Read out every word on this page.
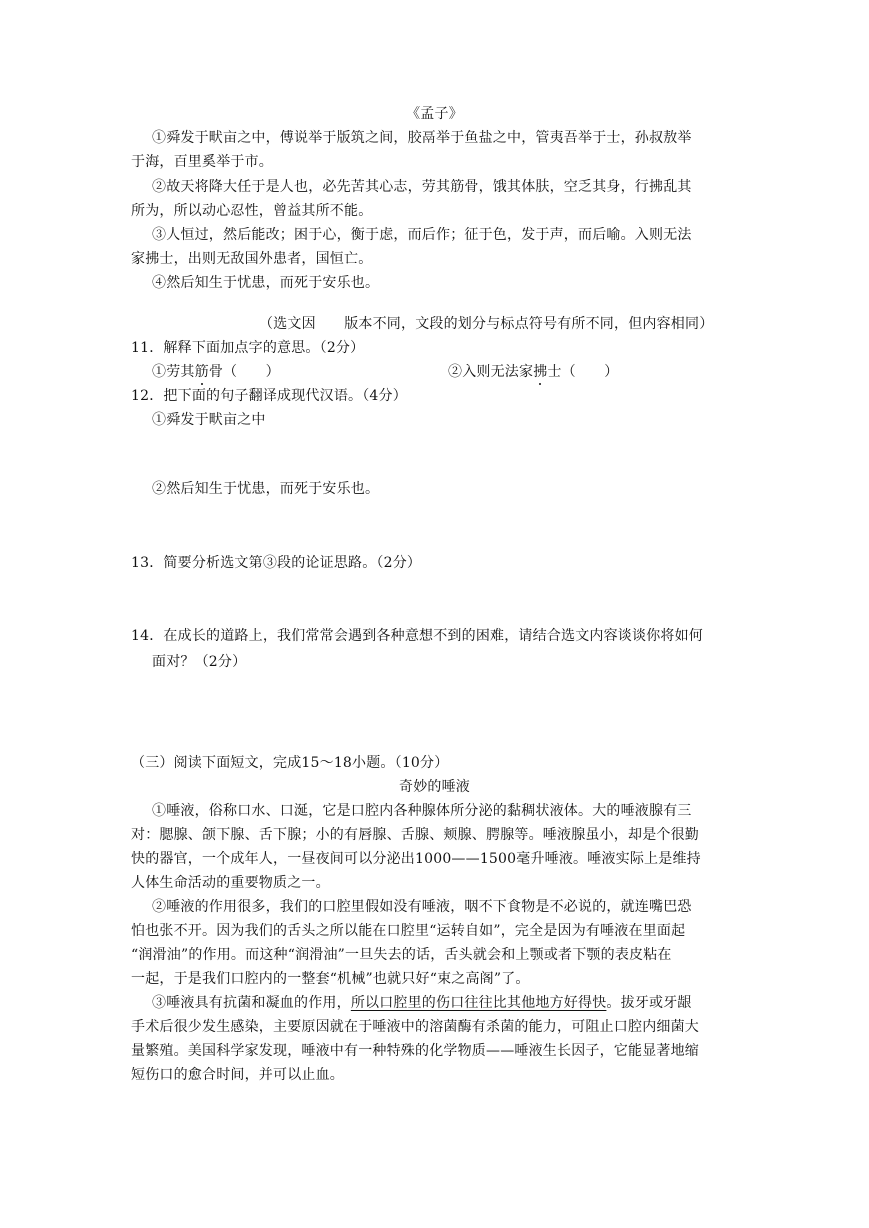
《孟子》
①舜发于畎亩之中，傅说举于版筑之间，胶鬲举于鱼盐之中，管夷吾举于士，孙叔敖举
于海，百里奚举于市。
②故天将降大任于是人也，必先苦其心志，劳其筋骨，饿其体肤，空乏其身，行拂乱其
所为，所以动心忍性，曾益其所不能。
③人恒过，然后能改；困于心，衡于虑，而后作；征于色，发于声，而后喻。入则无法
家拂士，出则无敌国外患者，国恒亡。
④然后知生于忧患，而死于安乐也。
（选文因　　版本不同，文段的划分与标点符号有所不同，但内容相同）
11．解释下面加点字的意思。（2分）
①劳其筋骨（　　）	②入则无法家拂士（　　）
12．把下面的句子翻译成现代汉语。（4分）
①舜发于畎亩之中
②然后知生于忧患，而死于安乐也。
13．简要分析选文第③段的论证思路。（2分）
14．在成长的道路上，我们常常会遇到各种意想不到的困难，请结合选文内容谈谈你将如何
面对？（2分）
（三）阅读下面短文，完成15～18小题。（10分）
奇妙的唾液
①唾液，俗称口水、口涎，它是口腔内各种腺体所分泌的黏稠状液体。大的唾液腺有三
对：腮腺、颌下腺、舌下腺；小的有唇腺、舌腺、颊腺、腭腺等。唾液腺虽小，却是个很勤
快的器官，一个成年人，一昼夜间可以分泌出1000——1500毫升唾液。唾液实际上是维持
人体生命活动的重要物质之一。
②唾液的作用很多，我们的口腔里假如没有唾液，咽不下食物是不必说的，就连嘴巴恐
怕也张不开。因为我们的舌头之所以能在口腔里“运转自如”，完全是因为有唾液在里面起
“润滑油”的作用。而这种“润滑油”一旦失去的话，舌头就会和上颚或者下颚的表皮粘在
一起，于是我们口腔内的一整套“机械”也就只好“束之高阁”了。
③唾液具有抗菌和凝血的作用，所以口腔里的伤口往往比其他地方好得快。拔牙或牙龈
手术后很少发生感染，主要原因就在于唾液中的溶菌酶有杀菌的能力，可阻止口腔内细菌大
量繁殖。美国科学家发现，唾液中有一种特殊的化学物质——唾液生长因子，它能显著地缩
短伤口的愈合时间，并可以止血。
